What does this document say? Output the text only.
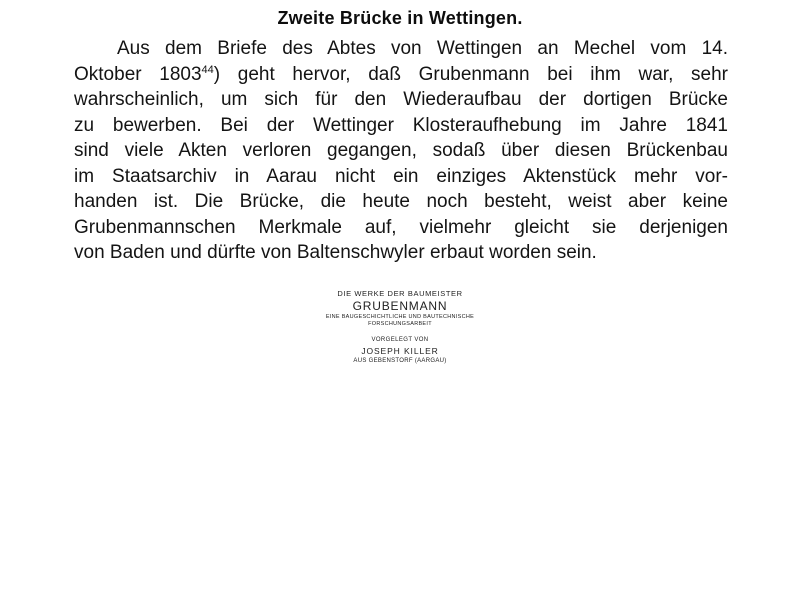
Zweite Brücke in Wettingen.
Aus dem Briefe des Abtes von Wettingen an Mechel vom 14.
Oktober 1803$^{44}$) geht hervor, daß Grubenmann bei ihm war, sehr
wahrscheinlich, um sich für den Wiederaufbau der dortigen Brücke
zu bewerben. Bei der Wettinger Klosteraufhebung im Jahre 1841
sind viele Akten verloren gegangen, sodaß über diesen Brückenbau
im Staatsarchiv in Aarau nicht ein einziges Aktenstück mehr vor-
handen ist. Die Brücke, die heute noch besteht, weist aber keine
Grubenmannschen Merkmale auf, vielmehr gleicht sie derjenigen
von Baden und dürfte von Baltenschwyler erbaut worden sein.
DIE WERKE DER BAUMEISTER
GRUBENMANN
EINE BAUGESCHICHTLICHE UND BAUTECHNISCHE
FORSCHUNGSARBEIT
VORGELEGT VON
JOSEPH KILLER
AUS GEBENSTORF (AARGAU)
